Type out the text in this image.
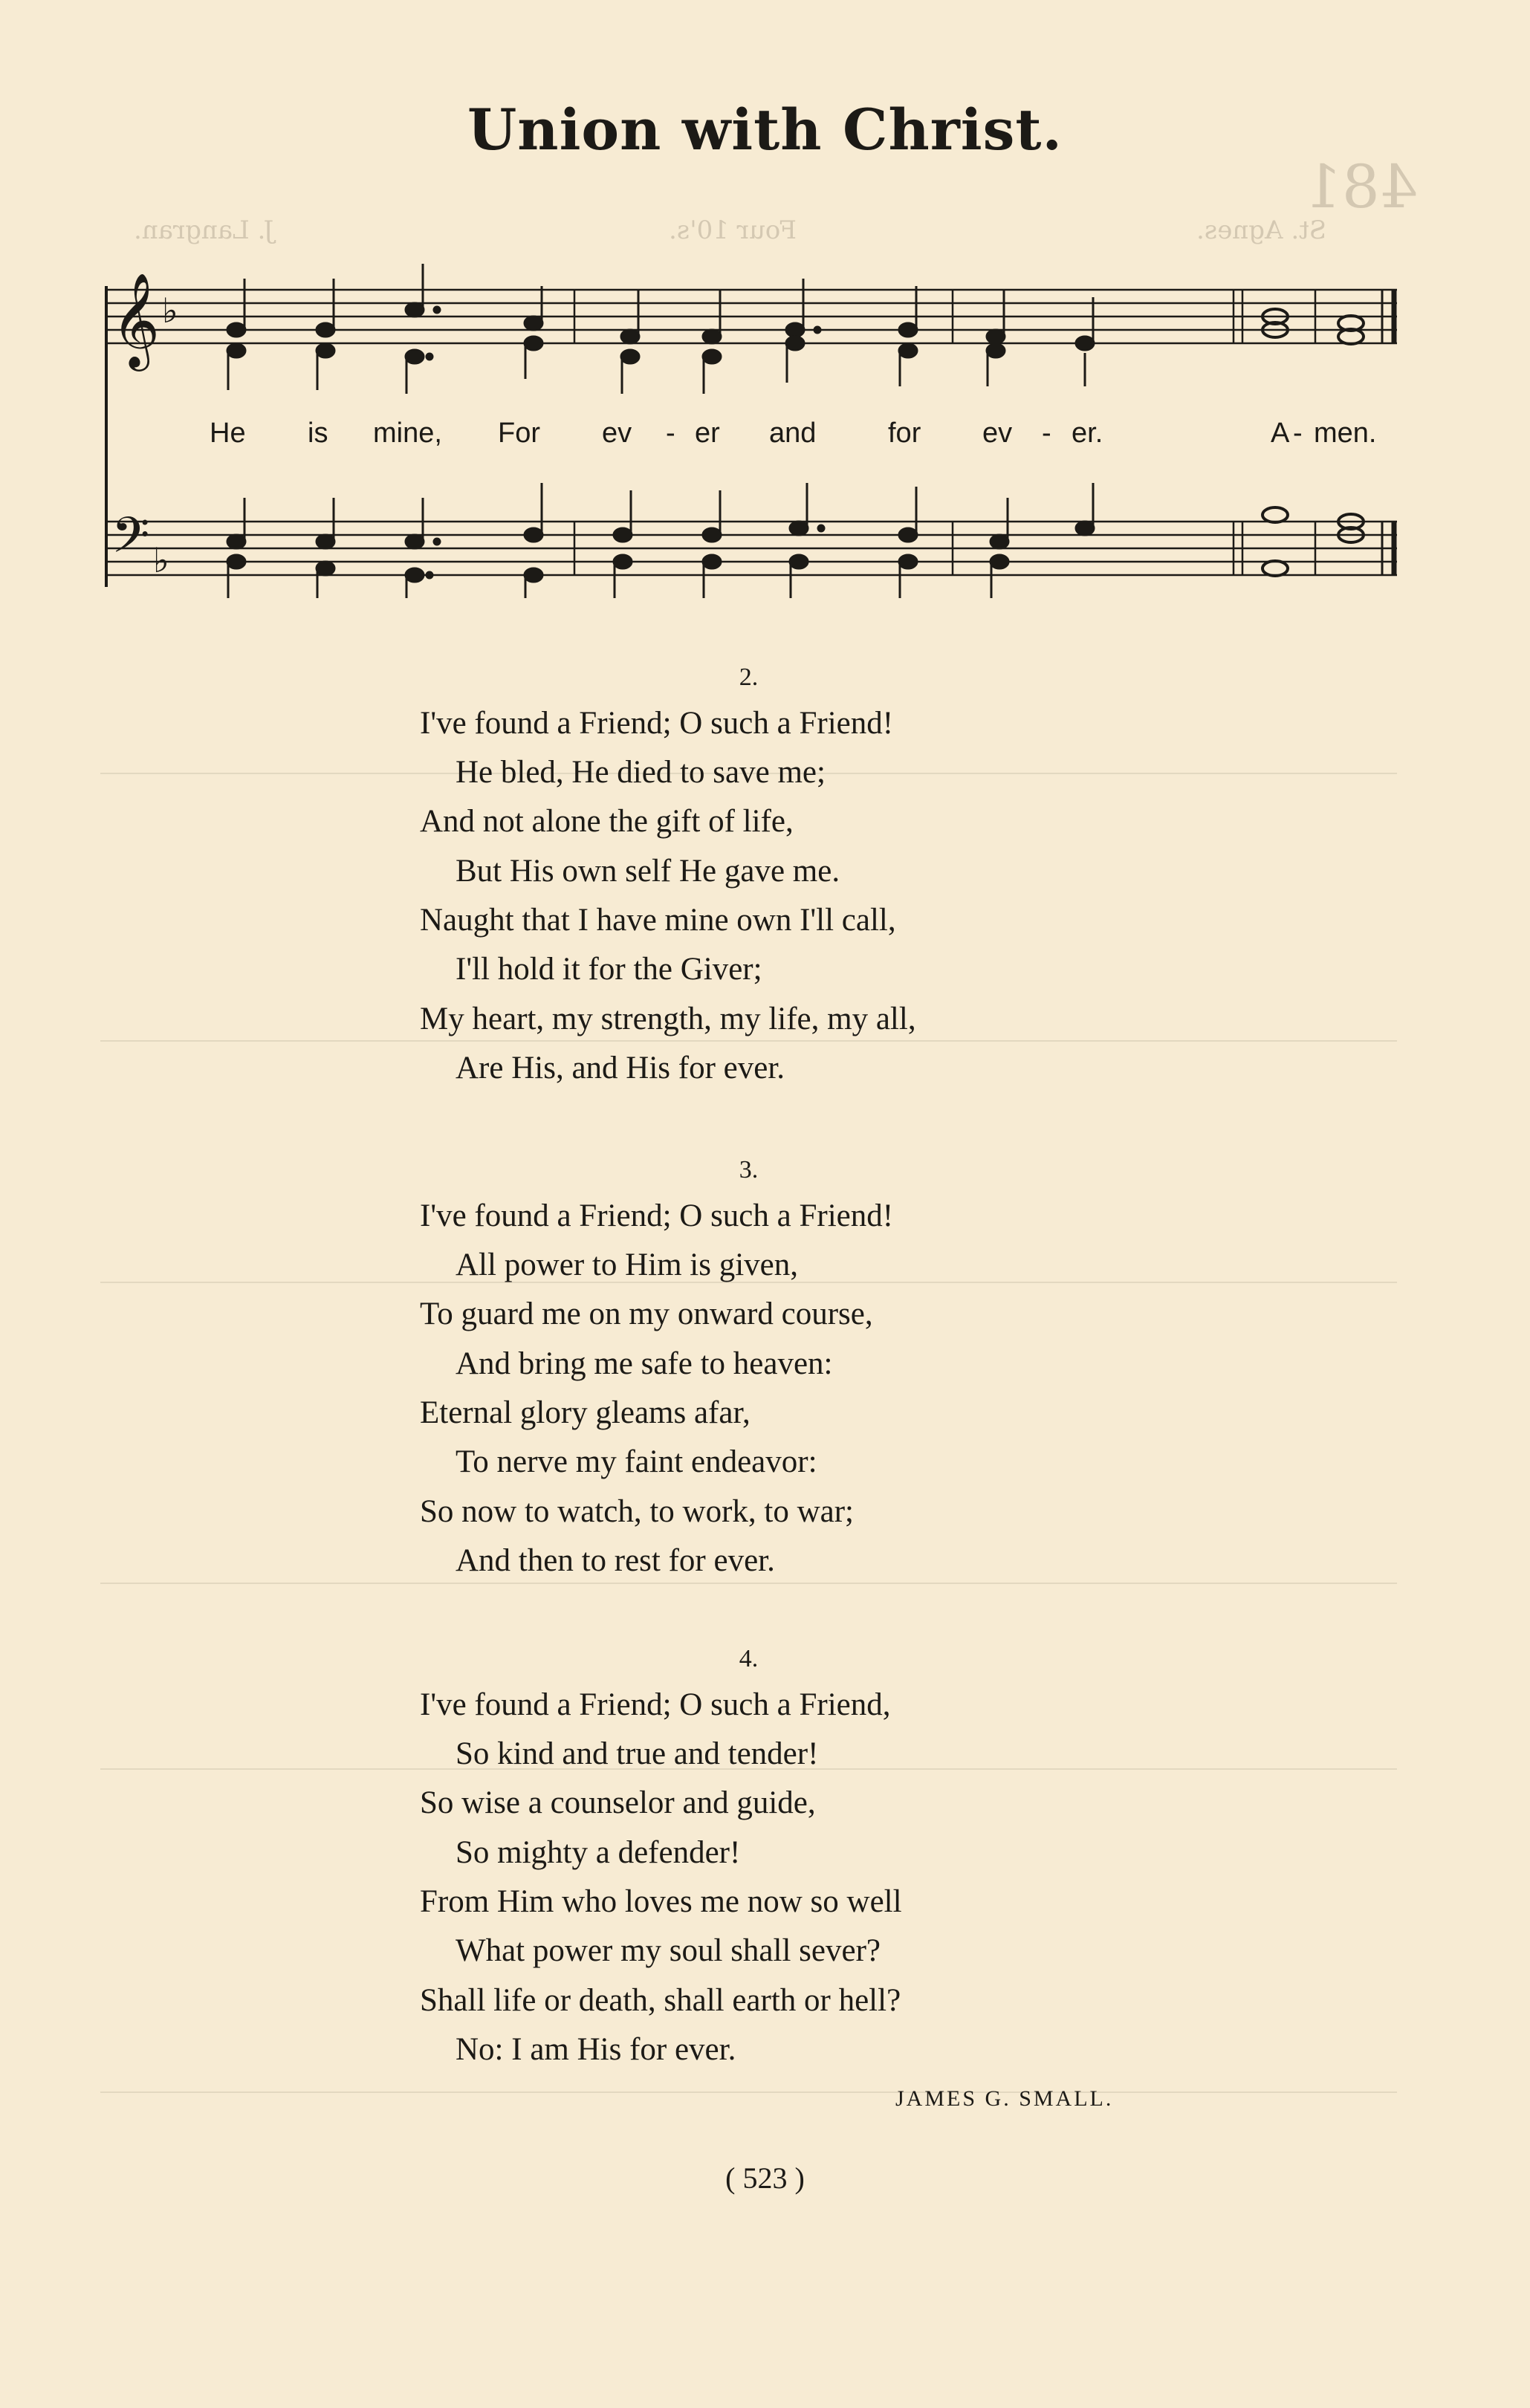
481
St. Agnes.
Four 10's.
J. Langran.
Union with Christ.
𝄞 ♭
𝄢 ♭
He is mine, For ev - er and	for ev - er.	A - men.
2.
I've found a Friend; O such a Friend!
He bled, He died to save me;
And not alone the gift of life,
But His own self He gave me.
Naught that I have mine own I'll call,
I'll hold it for the Giver;
My heart, my strength, my life, my all,
Are His, and His for ever.
3.
I've found a Friend; O such a Friend!
All power to Him is given,
To guard me on my onward course,
And bring me safe to heaven:
Eternal glory gleams afar,
To nerve my faint endeavor:
So now to watch, to work, to war;
And then to rest for ever.
4.
I've found a Friend; O such a Friend,
So kind and true and tender!
So wise a counselor and guide,
So mighty a defender!
From Him who loves me now so well
What power my soul shall sever?
Shall life or death, shall earth or hell?
No: I am His for ever.
JAMES G. SMALL.
( 523 )
